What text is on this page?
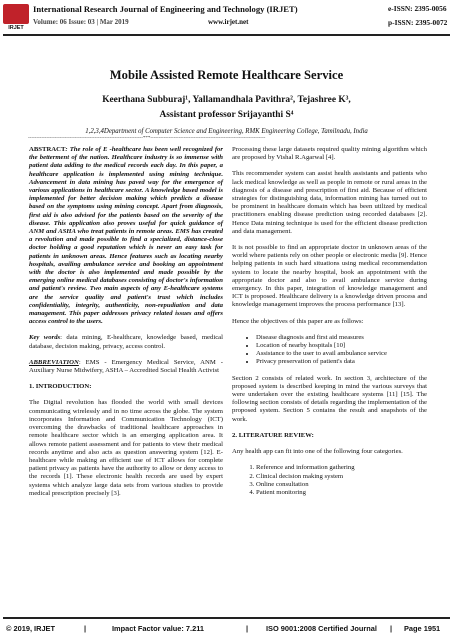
IRJET
International Research Journal of Engineering and Technology (IRJET)	e-ISSN: 2395-0056
Volume: 06 Issue: 03 | Mar 2019	www.irjet.net	p-ISSN: 2395-0072
Mobile Assisted Remote Healthcare Service
Keerthana Subburaj¹, Yallamandhala Pavithra², Tejashree K³,
Assistant professor Srijayanthi S⁴
1,2,3,4Department of Computer Science and Engineering, RMK Engineering College, Tamilnadu, India
---------------------------------------------------------------------***---------------------------------------------------------------------

ABSTRACT: The role of E -healthcare has been well recognized for the betterment of the nation. Healthcare industry is so immense with patient data adding to the medical records each day. In this paper, a healthcare application is implemented using mining technique. Advancement in data mining has paved way for the emergence of various applications in healthcare sector. A knowledge based model is implemented for better decision making which predicts a disease based on the symptoms using mining concept. Apart from diagnosis, first aid is also advised for the patients based on the severity of the disease. This application also proves useful for quick guidance of ANM and ASHA who treat patients in remote areas. EMS has created a revolution and made possible to find a specialized, distance-close doctor holding a good reputation which is never an easy task for patients in unknown areas. Hence features such as locating nearby hospitals, availing ambulance service and booking an appointment with the doctor is also implemented and made possible by the emerging online medical databases consisting of doctor's information and patient's review. Two main aspects of any E-healthcare systems are the service quality and patient's trust which includes confidentiality, integrity, authenticity, non-repudiation and data management. This paper addresses privacy related issues and offers access control to the users.

Key words: data mining, E-healthcare, knowledge based, medical database, decision making, privacy, access control.

ABBREVIATION: EMS - Emergency Medical Service, ANM - Auxiliary Nurse Midwifery, ASHA – Accredited Social Health Activist

1. INTRODUCTION:

The Digital revolution has flooded the world with small devices communicating wirelessly and in no time across the globe. The system incorporates Information and Communication Technology (ICT) overcoming the drawbacks of traditional healthcare approaches in remote healthcare sector which is an emerging application area. It allows remote patient assessment and for patients to view their medical records anytime and also acts as question answering system [12]. E-healthcare while making an efficient use of ICT allows for complete patient privacy as patients have the authority to allow or deny access to the records [1]. These electronic health records are used by expert systems which analyze large data sets from various studies to provide medical prescription precisely [3].

Processing these large datasets required quality mining algorithm which are proposed by Vishal R.Agarwal [4].

This recommender system can assist health assistants and patients who lack medical knowledge as well as people in remote or rural areas in the diagnosis of a disease and prescription of first aid. Because of efficient strategies for distinguishing data, information mining has turned out to be prominent in healthcare domain which has been utilized by medical practitioners enabling disease prediction using recorded databases [2]. Hence Data mining technique is used for the efficient disease prediction and data management.

It is not possible to find an appropriate doctor in unknown areas of the world where patients rely on other people or electronic media [9]. Hence helping patients in such hard situations using medical recommendation system to locate the nearby hospital, book an appointment with the appropriate doctor and also to avail ambulance service during emergency. In this paper, integration of knowledge management and ICT is proposed. Healthcare delivery is a knowledge driven process and knowledge management improves the process performance [13].

Hence the objectives of this paper are as follows:

• Disease diagnosis and first aid measures
• Location of nearby hospitals [10]
• Assistance to the user to avail ambulance service
• Privacy preservation of patient's data

Section 2 consists of related work. In section 3, architecture of the proposed system is described keeping in mind the various surveys that were undertaken over the existing healthcare systems [11] [15]. The following section consists of details regarding the implementation of the proposed system. Section 5 contains the result and snapshots of the work.

2. LITERATURE REVIEW:

Any health app can fit into one of the following four categories.

1. Reference and information gathering
2. Clinical decision making system
3. Online consultation
4. Patient monitoring
© 2019, IRJET	|	Impact Factor value: 7.211	| ISO 9001:2008 Certified Journal | Page 1951
